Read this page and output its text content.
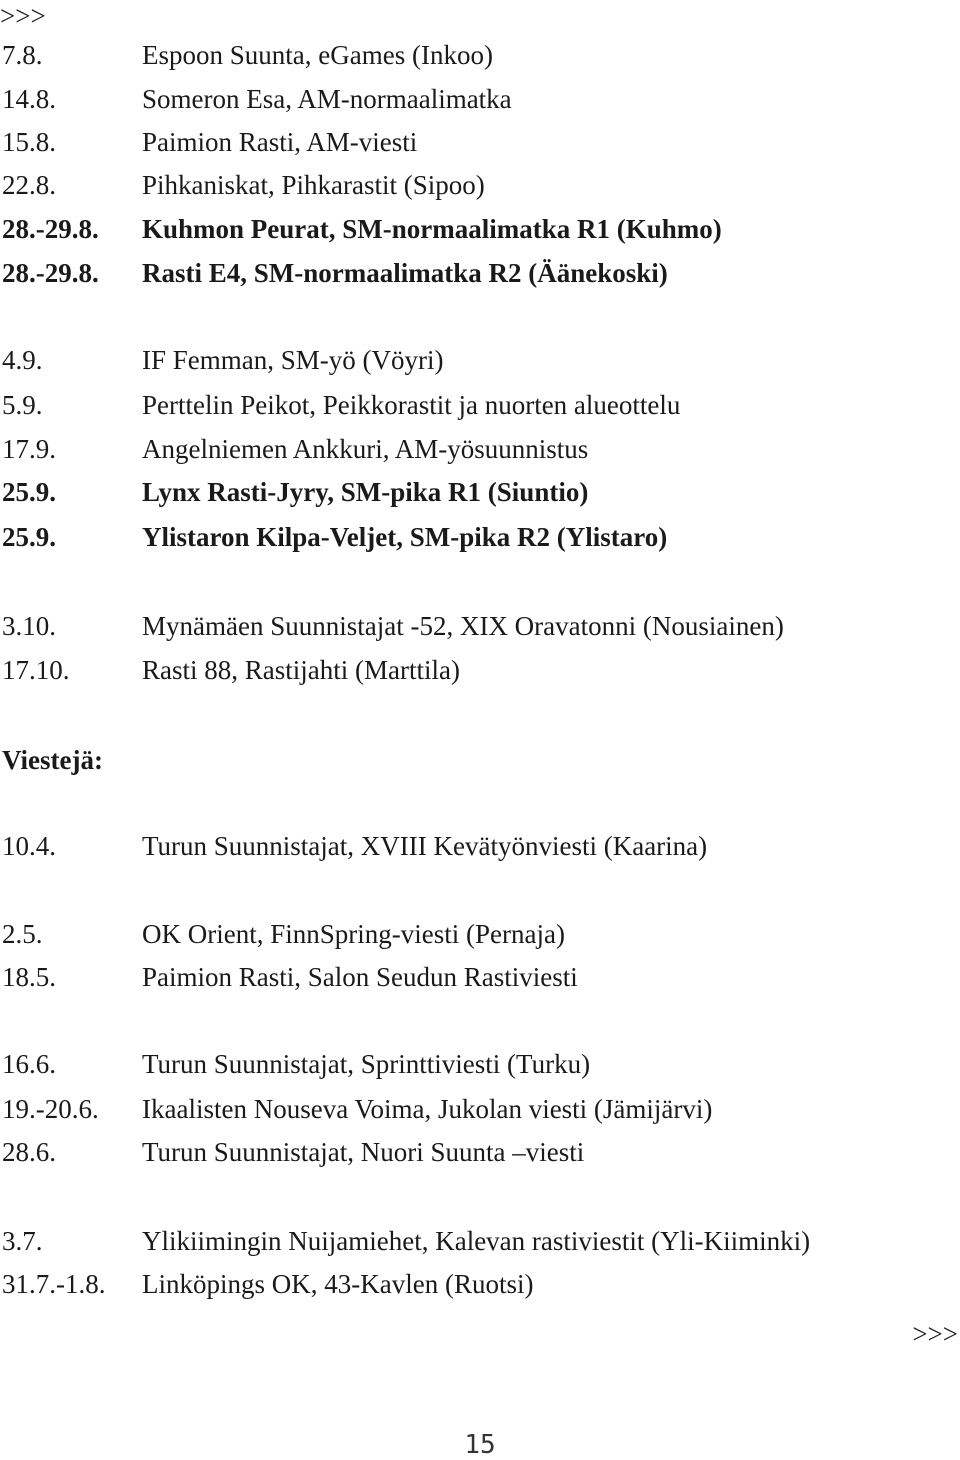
>>>
7.8.	Espoon Suunta, eGames (Inkoo)
14.8.	Someron Esa, AM-normaalimatka
15.8.	Paimion Rasti, AM-viesti
22.8.	Pihkaniskat, Pihkarastit (Sipoo)
28.-29.8. Kuhmon Peurat, SM-normaalimatka R1 (Kuhmo)
28.-29.8. Rasti E4, SM-normaalimatka R2 (Äänekoski)
4.9.	IF Femman, SM-yö (Vöyri)
5.9.	Perttelin Peikot, Peikkorastit ja nuorten alueottelu
17.9.	Angelniemen Ankkuri, AM-yösuunnistus
25.9.	Lynx Rasti-Jyry, SM-pika R1 (Siuntio)
25.9.	Ylistaron Kilpa-Veljet, SM-pika R2 (Ylistaro)
3.10.	Mynämäen Suunnistajat -52, XIX Oravatonni (Nousiainen)
17.10.	Rasti 88, Rastijahti (Marttila)
Viestejä:
10.4.	Turun Suunnistajat, XVIII Kevätyönviesti (Kaarina)
2.5.	OK Orient, FinnSpring-viesti (Pernaja)
18.5.	Paimion Rasti, Salon Seudun Rastiviesti
16.6.	Turun Suunnistajat, Sprinttiviesti (Turku)
19.-20.6. Ikaalisten Nouseva Voima, Jukolan viesti (Jämijärvi)
28.6.	Turun Suunnistajat, Nuori Suunta –viesti
3.7.	Ylikiimingin Nuijamiehet, Kalevan rastiviestit (Yli-Kiiminki)
31.7.-1.8. Linköpings OK, 43-Kavlen (Ruotsi)
>>>
15
